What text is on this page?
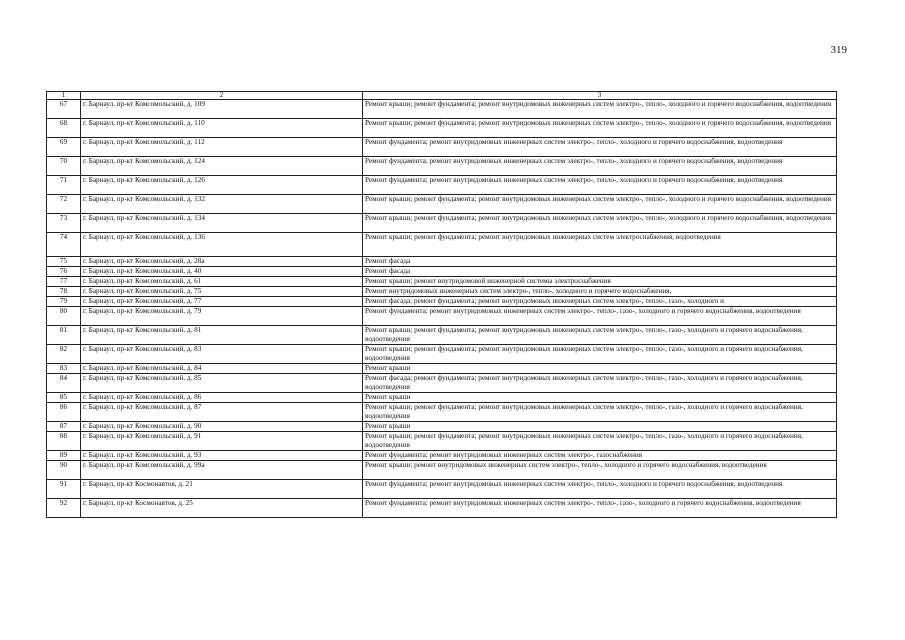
319
1	2	3
67	г. Барнаул, пр-кт Комсомольский, д. 109	Ремонт крыши; ремонт фундамента; ремонт внутридомовых инженерных систем электро-, тепло-, холодного и горячего водоснабжения, водоотведения
68	г. Барнаул, пр-кт Комсомольский, д. 110	Ремонт крыши; ремонт фундамента; ремонт внутридомовых инженерных систем электро-, тепло-, холодного и горячего водоснабжения, водоотведения
69	г. Барнаул, пр-кт Комсомольский, д. 112	Ремонт фундамента; ремонт внутридомовых инженерных систем электро-, тепло-, холодного и горячего водоснабжения, водоотведения
70	г. Барнаул, пр-кт Комсомольский, д. 124	Ремонт фундамента; ремонт внутридомовых инженерных систем электро-, тепло-, холодного и горячего водоснабжения, водоотведения
71	г. Барнаул, пр-кт Комсомольский, д. 126	Ремонт фундамента; ремонт внутридомовых инженерных систем электро-, тепло-, холодного и горячего водоснабжения, водоотведения
72	г. Барнаул, пр-кт Комсомольский, д. 132	Ремонт крыши; ремонт фундамента; ремонт внутридомовых инженерных систем электро-, тепло-, холодного и горячего водоснабжения, водоотведения
73	г. Барнаул, пр-кт Комсомольский, д. 134	Ремонт крыши; ремонт фундамента; ремонт внутридомовых инженерных систем электро-, тепло-, холодного и горячего водоснабжения, водоотведения
74	г. Барнаул, пр-кт Комсомольский, д. 136	Ремонт крыши; ремонт фундамента; ремонт внутридомовых инженерных систем электроснабжения, водоотведения
75	г. Барнаул, пр-кт Комсомольский, д. 28а	Ремонт фасада
76	г. Барнаул, пр-кт Комсомольский, д. 40	Ремонт фасада
77	г. Барнаул, пр-кт Комсомольский, д. 61	Ремонт крыши; ремонт внутридомовой инженерной системы электроснабжения
78	г. Барнаул, пр-кт Комсомольский, д. 75	Ремонт внутридомовых инженерных систем электро-, тепло-, холодного и горячего водоснабжения,
79	г. Барнаул, пр-кт Комсомольский, д. 77	Ремонт фасада; ремонт фундамента; ремонт внутридомовых инженерных систем электро-, тепло-, газо-, холодного и
80	г. Барнаул, пр-кт Комсомольский, д. 79	Ремонт фундамента; ремонт внутридомовых инженерных систем электро-, тепло-, газо-, холодного и горячего водоснабжения, водоотведения
81	г. Барнаул, пр-кт Комсомольский, д. 81	Ремонт крыши; ремонт фундамента; ремонт внутридомовых инженерных систем электро-, тепло-, газо-, холодного и горячего водоснабжения, водоотведения
82	г. Барнаул, пр-кт Комсомольский, д. 83	Ремонт крыши; ремонт фундамента; ремонт внутридомовых инженерных систем электро-, тепло-, газо-, холодного и горячего водоснабжения, водоотведения
83	г. Барнаул, пр-кт Комсомольский, д. 84	Ремонт крыши
84	г. Барнаул, пр-кт Комсомольский, д. 85	Ремонт фасада; ремонт фундамента; ремонт внутридомовых инженерных систем электро-, тепло-, газо-, холодного и горячего водоснабжения, водоотведения
85	г. Барнаул, пр-кт Комсомольский, д. 86	Ремонт крыши
86	г. Барнаул, пр-кт Комсомольский, д. 87	Ремонт крыши; ремонт фундамента; ремонт внутридомовых инженерных систем электро-, тепло-, газо-, холодного и горячего водоснабжения, водоотведения
87	г. Барнаул, пр-кт Комсомольский, д. 90	Ремонт крыши
88	г. Барнаул, пр-кт Комсомольский, д. 91	Ремонт крыши; ремонт фундамента; ремонт внутридомовых инженерных систем электро-, тепло-, газо-, холодного и горячего водоснабжения, водоотведения
89	г. Барнаул, пр-кт Комсомольский, д. 93	Ремонт фундамента; ремонт внутридомовых инженерных систем электро-, газоснабжения
90	г. Барнаул, пр-кт Комсомольский, д. 99а	Ремонт крыши; ремонт внутридомовых инженерных систем электро-, тепло-, холодного и горячего водоснабжения, водоотведения
91	г. Барнаул, пр-кт Космонавтов, д. 21	Ремонт фундамента; ремонт внутридомовых инженерных систем электро-, тепло-, холодного и горячего водоснабжения, водоотведения
92	г. Барнаул, пр-кт Космонавтов, д. 25	Ремонт фундамента; ремонт внутридомовых инженерных систем электро-, тепло-, газо-, холодного и горячего водоснабжения, водоотведения
